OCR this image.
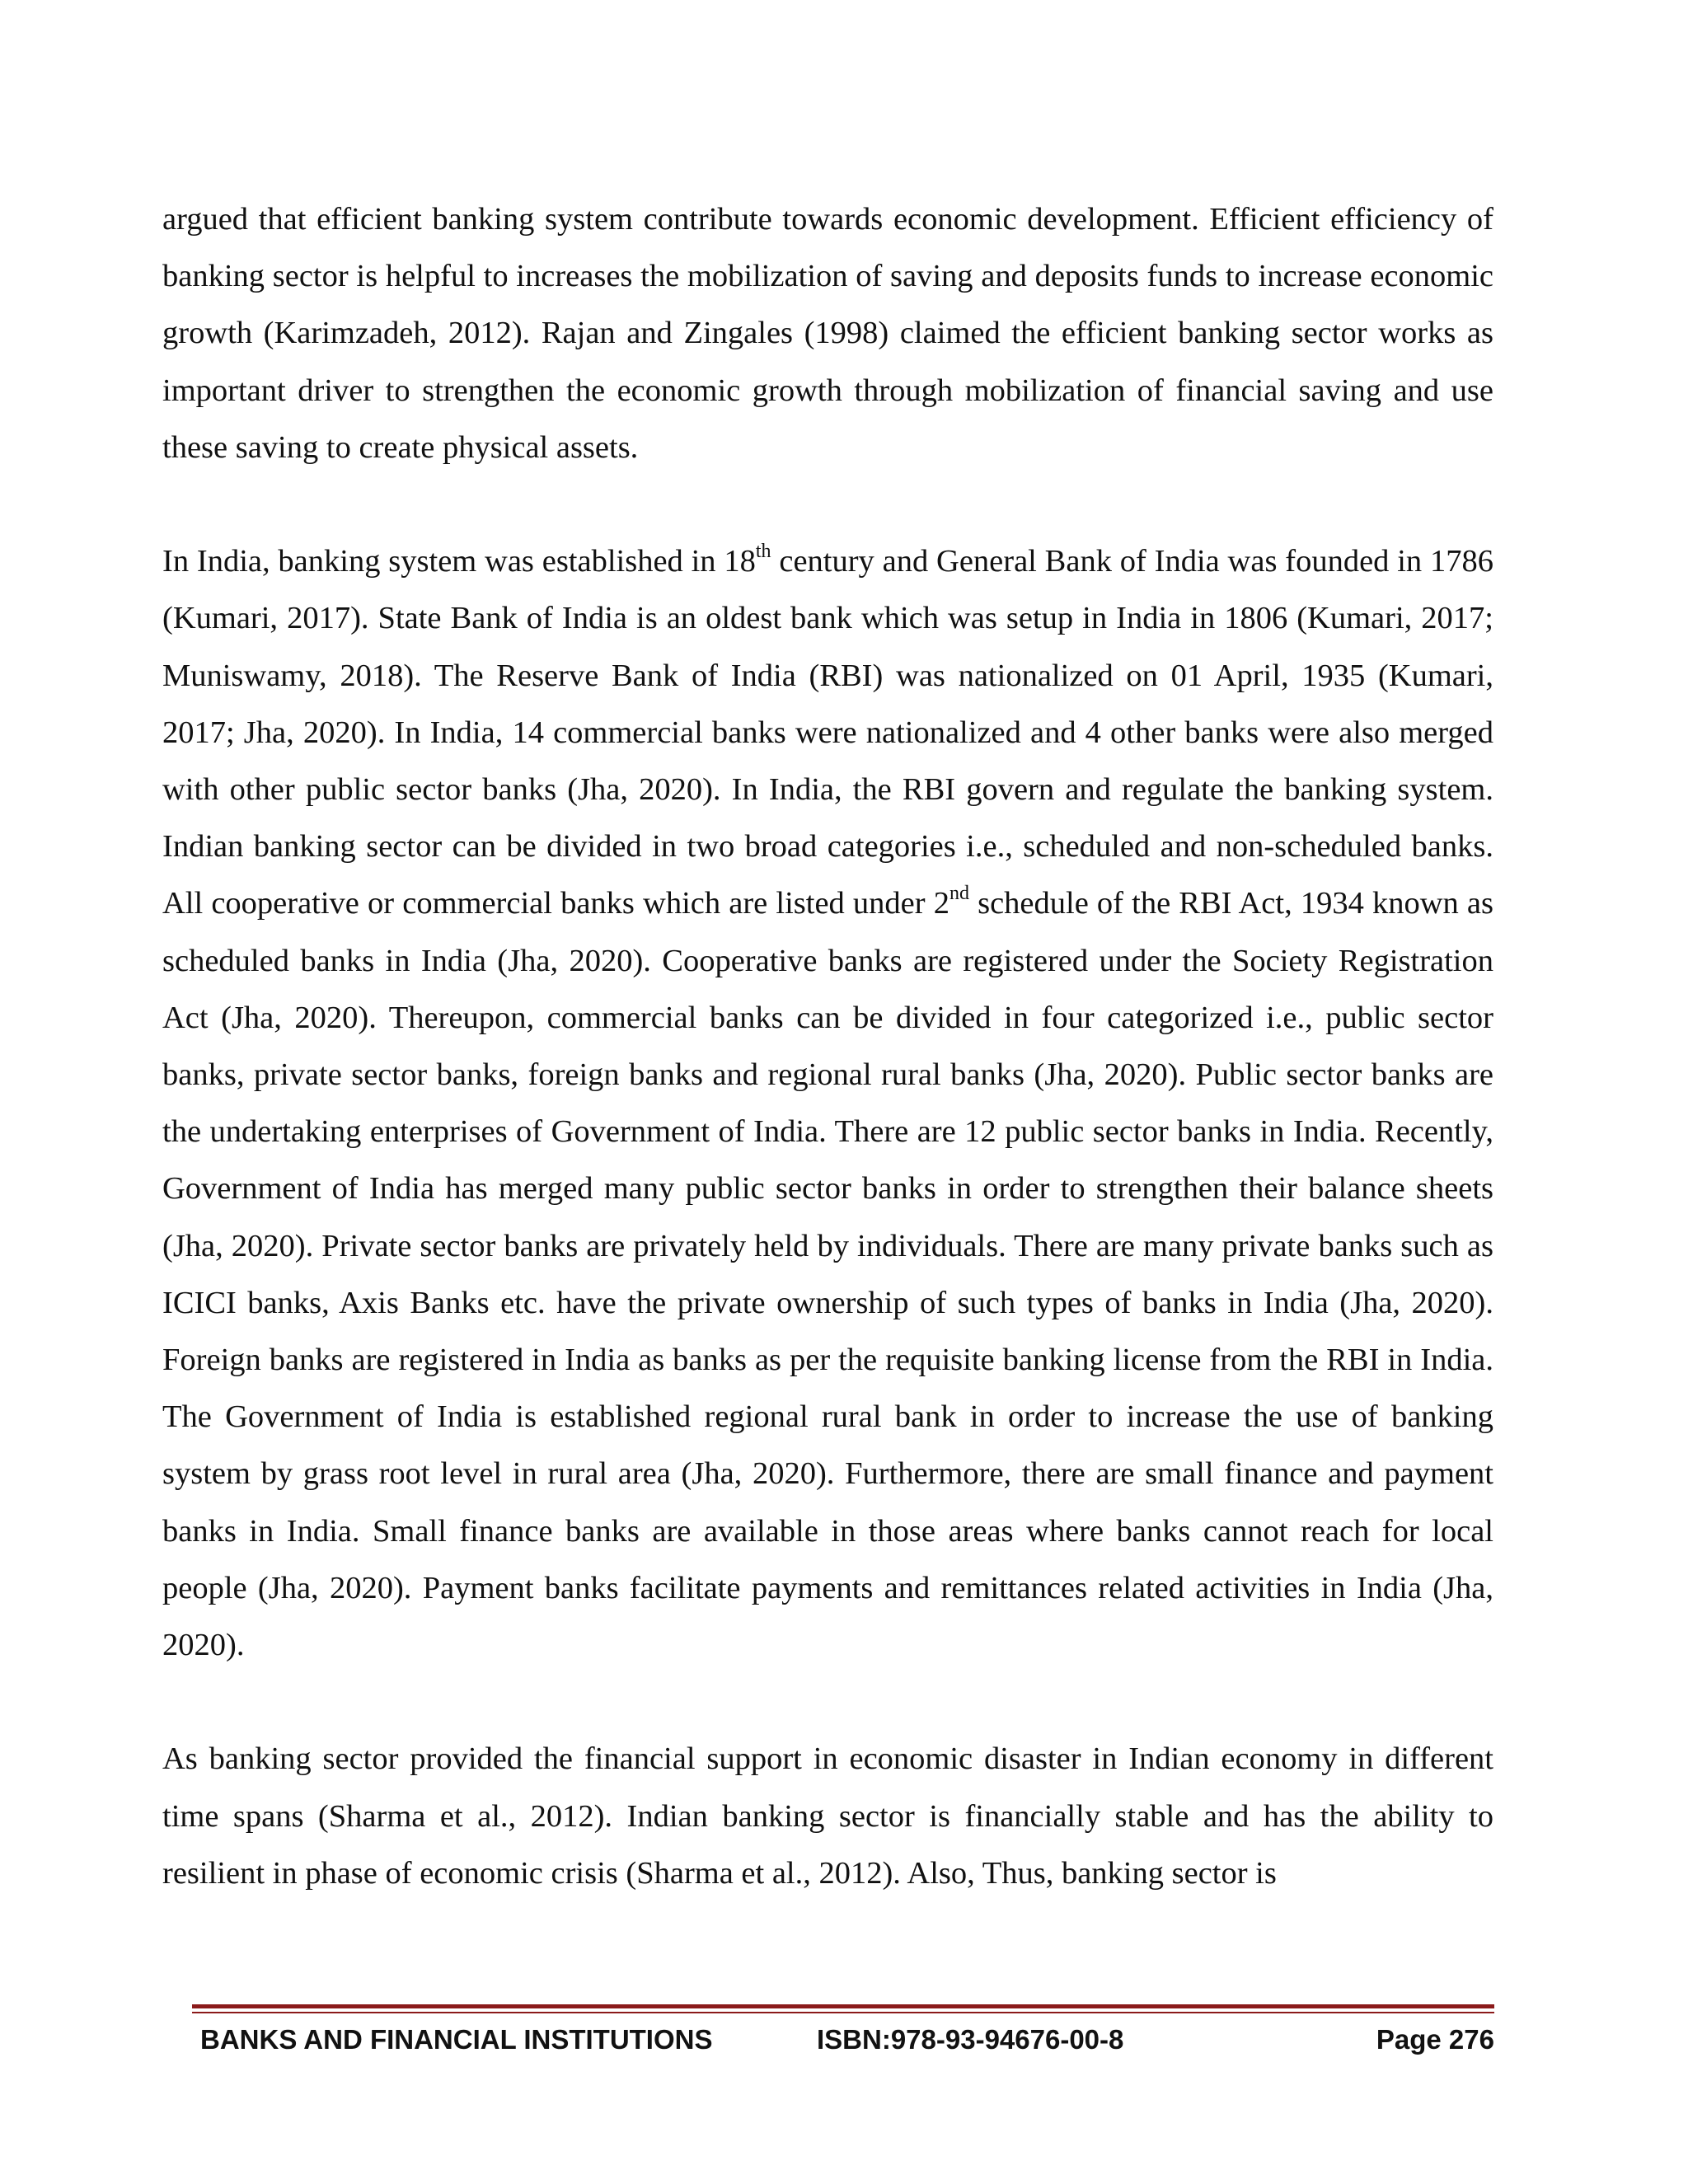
argued that efficient banking system contribute towards economic development. Efficient efficiency of banking sector is helpful to increases the mobilization of saving and deposits funds to increase economic growth (Karimzadeh, 2012). Rajan and Zingales (1998) claimed the efficient banking sector works as important driver to strengthen the economic growth through mobilization of financial saving and use these saving to create physical assets.

In India, banking system was established in 18th century and General Bank of India was founded in 1786 (Kumari, 2017). State Bank of India is an oldest bank which was setup in India in 1806 (Kumari, 2017; Muniswamy, 2018). The Reserve Bank of India (RBI) was nationalized on 01 April, 1935 (Kumari, 2017; Jha, 2020). In India, 14 commercial banks were nationalized and 4 other banks were also merged with other public sector banks (Jha, 2020). In India, the RBI govern and regulate the banking system. Indian banking sector can be divided in two broad categories i.e., scheduled and non-scheduled banks. All cooperative or commercial banks which are listed under 2nd schedule of the RBI Act, 1934 known as scheduled banks in India (Jha, 2020). Cooperative banks are registered under the Society Registration Act (Jha, 2020). Thereupon, commercial banks can be divided in four categorized i.e., public sector banks, private sector banks, foreign banks and regional rural banks (Jha, 2020). Public sector banks are the undertaking enterprises of Government of India. There are 12 public sector banks in India. Recently, Government of India has merged many public sector banks in order to strengthen their balance sheets (Jha, 2020). Private sector banks are privately held by individuals. There are many private banks such as ICICI banks, Axis Banks etc. have the private ownership of such types of banks in India (Jha, 2020). Foreign banks are registered in India as banks as per the requisite banking license from the RBI in India. The Government of India is established regional rural bank in order to increase the use of banking system by grass root level in rural area (Jha, 2020). Furthermore, there are small finance and payment banks in India. Small finance banks are available in those areas where banks cannot reach for local people (Jha, 2020). Payment banks facilitate payments and remittances related activities in India (Jha, 2020).

As banking sector provided the financial support in economic disaster in Indian economy in different time spans (Sharma et al., 2012). Indian banking sector is financially stable and has the ability to resilient in phase of economic crisis (Sharma et al., 2012). Also, Thus, banking sector is

BANKS AND FINANCIAL INSTITUTIONS	ISBN:978-93-94676-00-8	Page 276
